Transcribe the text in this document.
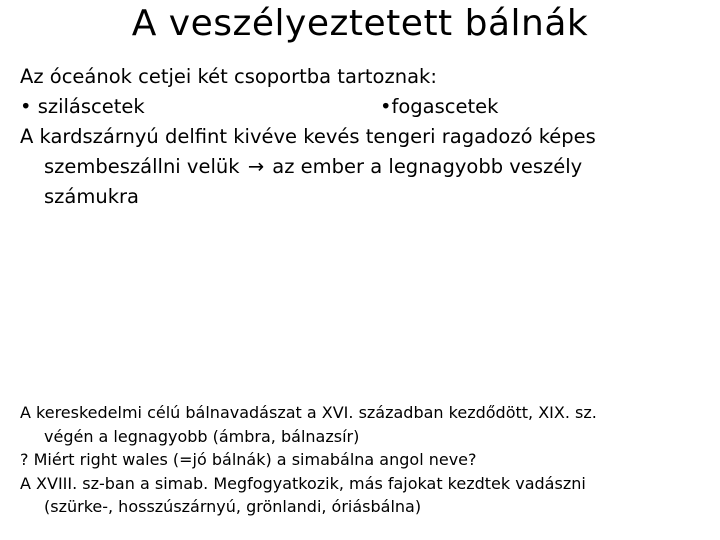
A veszélyeztetett bálnák
Az óceánok cetjei két csoportba tartoznak:
• sziláscetek	•fogascetek
A kardszárnyú delfint kivéve kevés tengeri ragadozó képes
szembeszállni velük → az ember a legnagyobb veszély
számukra
A kereskedelmi célú bálnavadászat a XVI. században kezdődött, XIX. sz.
végén a legnagyobb (ámbra, bálnazsír)
? Miért right wales (=jó bálnák) a simabálna angol neve?
A XVIII. sz-ban a simab. Megfogyatkozik, más fajokat kezdtek vadászni
(szürke-, hosszúszárnyú, grönlandi, óriásbálna)
